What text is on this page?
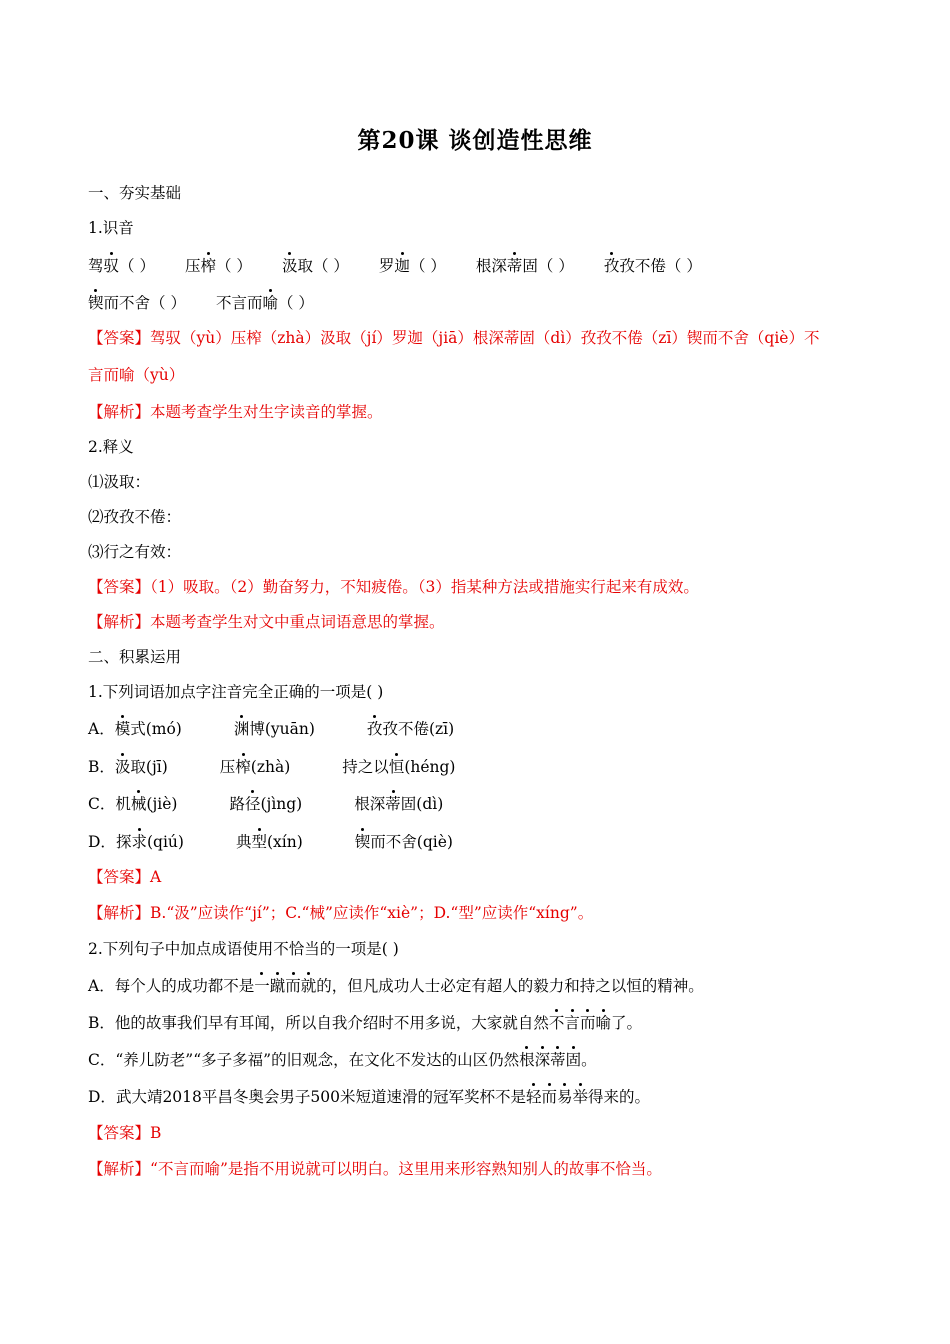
第20课 谈创造性思维
一、夯实基础
1.识音
驾驭（ ） 压榨（ ） 汲取（ ） 罗迦（ ） 根深蒂固（ ） 孜孜不倦（ ）
锲而不舍（ ） 不言而喻（ ）
【答案】驾驭（yù）压榨（zhà）汲取（jí）罗迦（jiā）根深蒂固（dì）孜孜不倦（zī）锲而不舍（qiè）不
言而喻（yù）
【解析】本题考查学生对生字读音的掌握。
2.释义
⑴汲取：
⑵孜孜不倦：
⑶行之有效：
【答案】（1）吸取。（2）勤奋努力，不知疲倦。（3）指某种方法或措施实行起来有成效。
【解析】本题考查学生对文中重点词语意思的掌握。
二、积累运用
1.下列词语加点字注音完全正确的一项是( )
A．模式(mó)	渊博(yuān)	孜孜不倦(zī)
B．汲取(jī)	压榨(zhà)	持之以恒(héng)
C．机械(jiè)	路径(jìng)	根深蒂固(dì)
D．探求(qiú)	典型(xín)	锲而不舍(qiè)
【答案】A
【解析】B.“汲”应读作“jí”；C.“械”应读作“xiè”；D.“型”应读作“xíng”。
2.下列句子中加点成语使用不恰当的一项是( )
A．每个人的成功都不是一蹴而就的，但凡成功人士必定有超人的毅力和持之以恒的精神。
B．他的故事我们早有耳闻，所以自我介绍时不用多说，大家就自然不言而喻了。
C．“养儿防老”“多子多福”的旧观念，在文化不发达的山区仍然根深蒂固。
D．武大靖2018平昌冬奥会男子500米短道速滑的冠军奖杯不是轻而易举得来的。
【答案】B
【解析】“不言而喻”是指不用说就可以明白。这里用来形容熟知别人的故事不恰当。
